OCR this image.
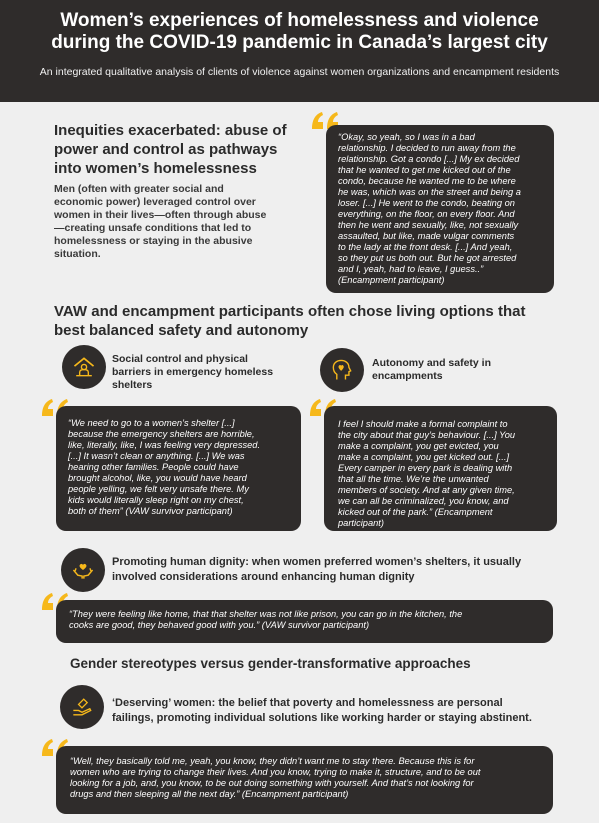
Women’s experiences of homelessness and violence
during the COVID-19 pandemic in Canada’s largest city
An integrated qualitative analysis of clients of violence against women organizations and encampment residents
Inequities exacerbated: abuse of
power and control as pathways
into women’s homelessness
Men (often with greater social and
economic power) leveraged control over
women in their lives—often through abuse
—creating unsafe conditions that led to
homelessness or staying in the abusive
situation.
“Okay, so yeah, so I was in a bad
relationship. I decided to run away from the
relationship. Got a condo [...] My ex decided
that he wanted to get me kicked out of the
condo, because he wanted me to be where
he was, which was on the street and being a
loser. [...] He went to the condo, beating on
everything, on the floor, on every floor. And
then he went and sexually, like, not sexually
assaulted, but like, made vulgar comments
to the lady at the front desk. [...] And yeah,
so they put us both out. But he got arrested
and I, yeah, had to leave, I guess..”
(Encampment participant)
VAW and encampment participants often chose living options that
best balanced safety and autonomy
Social control and physical
barriers in emergency homeless
shelters
Autonomy and safety in
encampments
“We need to go to a women’s shelter [...]
because the emergency shelters are horrible,
like, literally, like, I was feeling very depressed.
[...] It wasn’t clean or anything. [...] We was
hearing other families. People could have
brought alcohol, like, you would have heard
people yelling, we felt very unsafe there. My
kids would literally sleep right on my chest,
both of them” (VAW survivor participant)
I feel I should make a formal complaint to
the city about that guy’s behaviour. [...] You
make a complaint, you get evicted, you
make a complaint, you get kicked out. [...]
Every camper in every park is dealing with
that all the time. We’re the unwanted
members of society. And at any given time,
we can all be criminalized, you know, and
kicked out of the park.” (Encampment
participant)
Promoting human dignity: when women preferred women’s shelters, it usually
involved considerations around enhancing human dignity
“They were feeling like home, that that shelter was not like prison, you can go in the kitchen, the
cooks are good, they behaved good with you.” (VAW survivor participant)
Gender stereotypes versus gender-transformative approaches
‘Deserving’ women: the belief that poverty and homelessness are personal
failings, promoting individual solutions like working harder or staying abstinent.
“Well, they basically told me, yeah, you know, they didn’t want me to stay there. Because this is for
women who are trying to change their lives. And you know, trying to make it, structure, and to be out
looking for a job, and, you know, to be out doing something with yourself. And that’s not looking for
drugs and then sleeping all the next day.” (Encampment participant)
